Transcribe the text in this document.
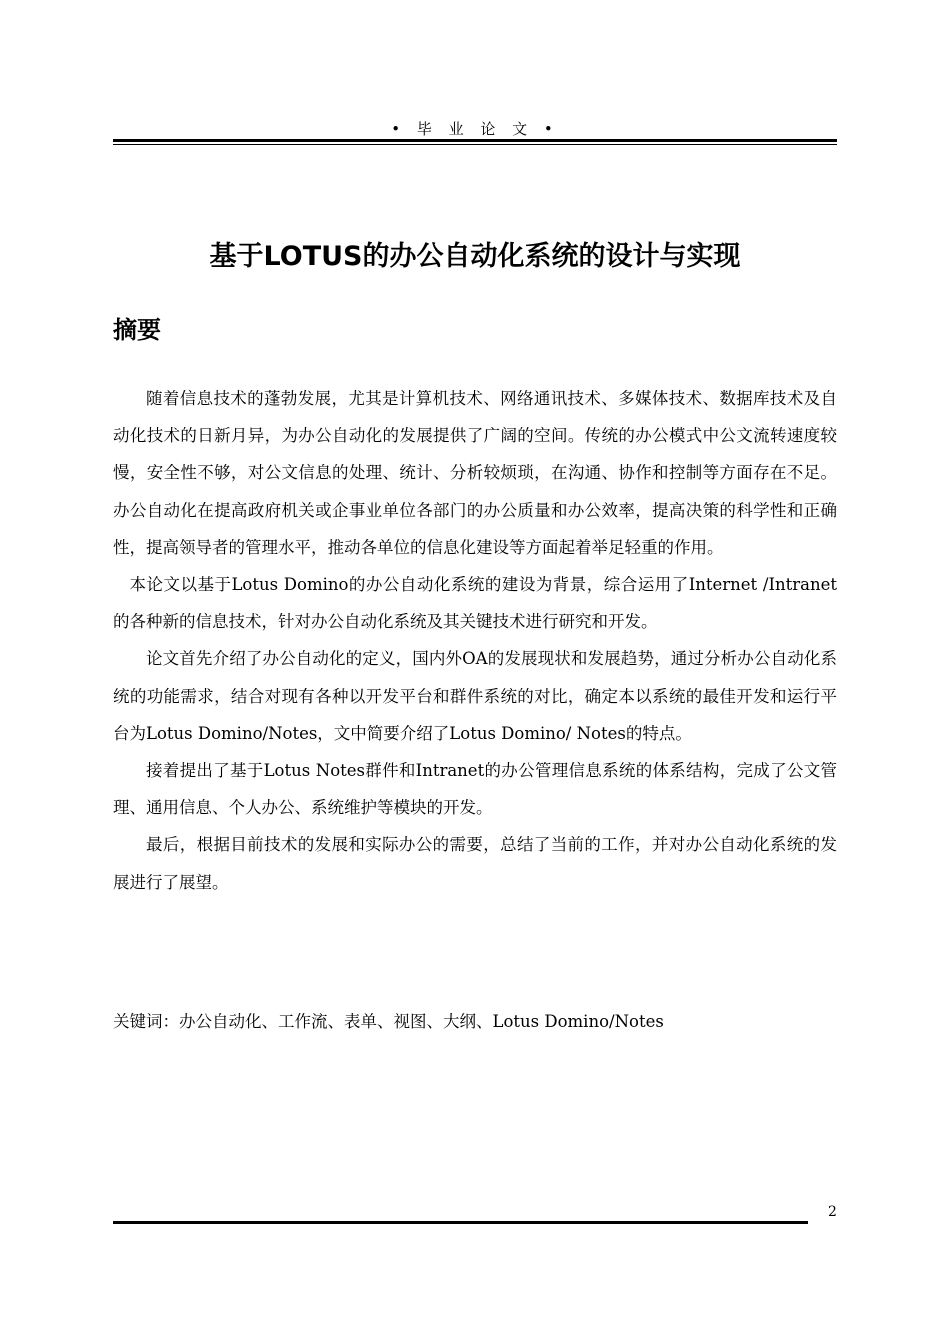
• 毕 业 论 文 •
基于LOTUS的办公自动化系统的设计与实现
摘要

随着信息技术的蓬勃发展，尤其是计算机技术、网络通讯技术、多媒体技术、数据库技术及自动化技术的日新月异，为办公自动化的发展提供了广阔的空间。传统的办公模式中公文流转速度较慢，安全性不够，对公文信息的处理、统计、分析较烦琐，在沟通、协作和控制等方面存在不足。办公自动化在提高政府机关或企事业单位各部门的办公质量和办公效率，提高决策的科学性和正确性，提高领导者的管理水平，推动各单位的信息化建设等方面起着举足轻重的作用。

本论文以基于Lotus Domino的办公自动化系统的建设为背景，综合运用了Internet /Intranet的各种新的信息技术，针对办公自动化系统及其关键技术进行研究和开发。

论文首先介绍了办公自动化的定义，国内外OA的发展现状和发展趋势，通过分析办公自动化系统的功能需求，结合对现有各种以开发平台和群件系统的对比，确定本以系统的最佳开发和运行平台为Lotus Domino/Notes，文中简要介绍了Lotus Domino/ Notes的特点。

接着提出了基于Lotus Notes群件和Intranet的办公管理信息系统的体系结构，完成了公文管理、通用信息、个人办公、系统维护等模块的开发。

最后，根据目前技术的发展和实际办公的需要，总结了当前的工作，并对办公自动化系统的发展进行了展望。

关键词：办公自动化、工作流、表单、视图、大纲、Lotus Domino/Notes
2
